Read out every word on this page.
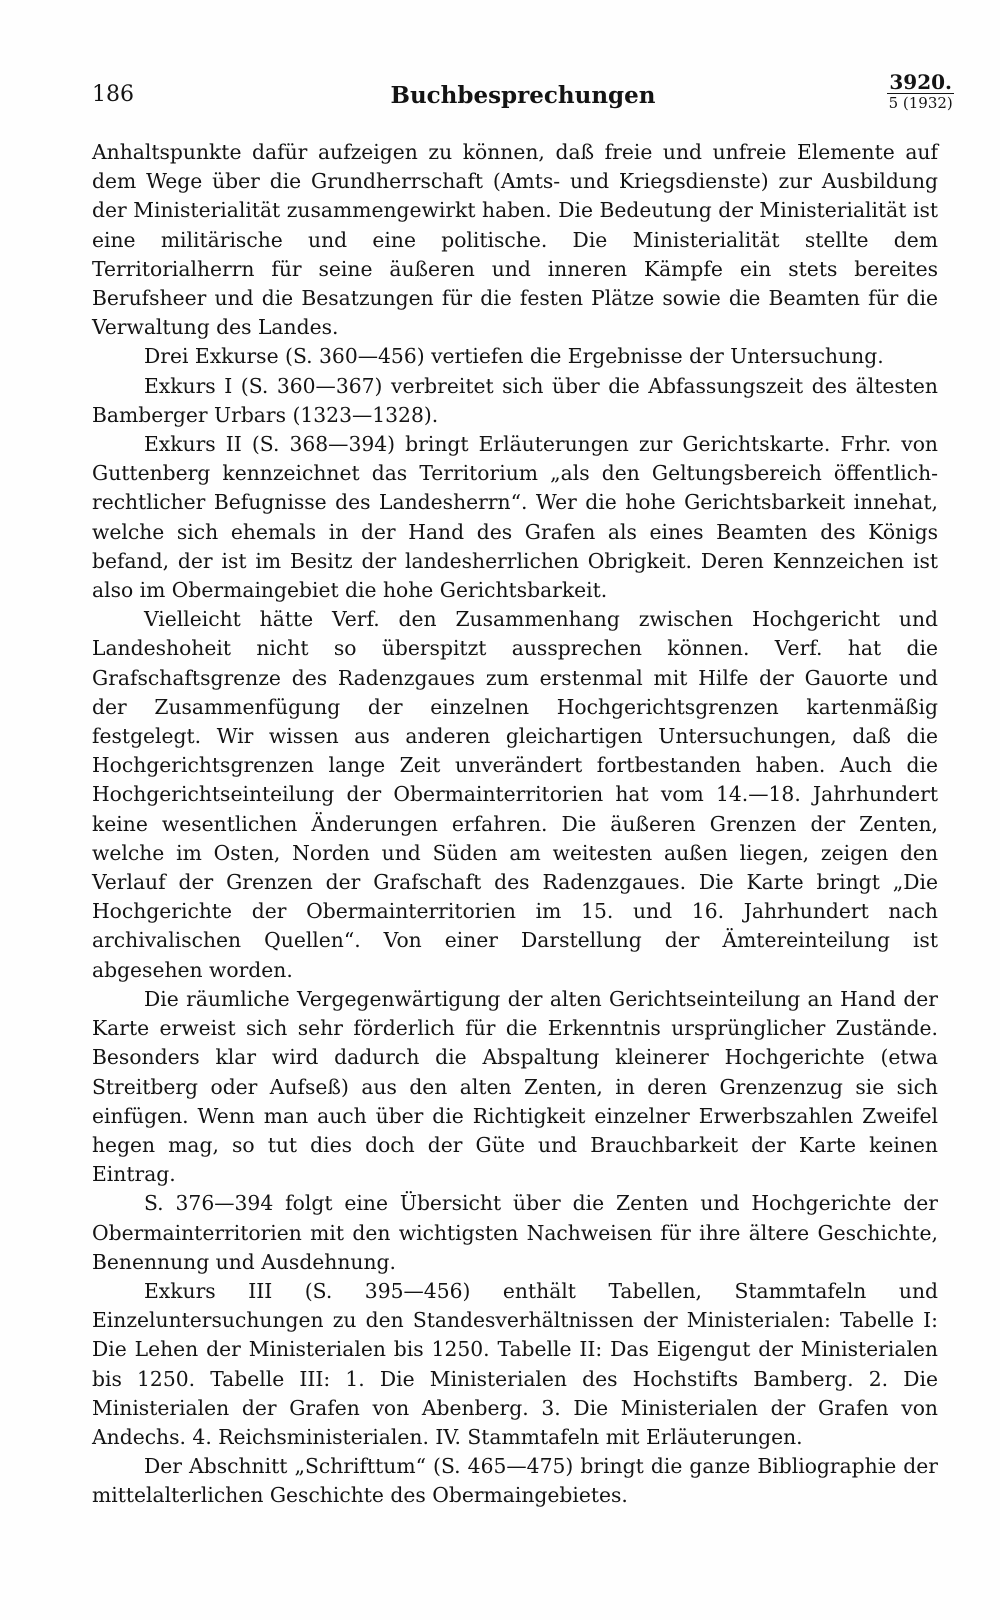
186	Buchbesprechungen	3920.
5 (1932)

Anhaltspunkte dafür aufzeigen zu können, daß freie und unfreie Elemente auf dem Wege über die Grundherrschaft (Amts- und Kriegsdienste) zur Ausbildung der Ministerialität zusammengewirkt haben. Die Bedeutung der Ministerialität ist eine militärische und eine politische. Die Ministerialität stellte dem Territorialherrn für seine äußeren und inneren Kämpfe ein stets bereites Berufsheer und die Besatzungen für die festen Plätze sowie die Beamten für die Verwaltung des Landes.

Drei Exkurse (S. 360—456) vertiefen die Ergebnisse der Untersuchung.

Exkurs I (S. 360—367) verbreitet sich über die Abfassungszeit des ältesten Bamberger Urbars (1323—1328).

Exkurs II (S. 368—394) bringt Erläuterungen zur Gerichtskarte. Frhr. von Guttenberg kennzeichnet das Territorium „als den Geltungsbereich öffentlich-rechtlicher Befugnisse des Landesherrn“. Wer die hohe Gerichtsbarkeit innehat, welche sich ehemals in der Hand des Grafen als eines Beamten des Königs befand, der ist im Besitz der landesherrlichen Obrigkeit. Deren Kennzeichen ist also im Obermaingebiet die hohe Gerichtsbarkeit.

Vielleicht hätte Verf. den Zusammenhang zwischen Hochgericht und Landeshoheit nicht so überspitzt aussprechen können. Verf. hat die Grafschaftsgrenze des Radenzgaues zum erstenmal mit Hilfe der Gauorte und der Zusammenfügung der einzelnen Hochgerichtsgrenzen kartenmäßig festgelegt. Wir wissen aus anderen gleichartigen Untersuchungen, daß die Hochgerichtsgrenzen lange Zeit unverändert fortbestanden haben. Auch die Hochgerichtseinteilung der Obermainterritorien hat vom 14.—18. Jahrhundert keine wesentlichen Änderungen erfahren. Die äußeren Grenzen der Zenten, welche im Osten, Norden und Süden am weitesten außen liegen, zeigen den Verlauf der Grenzen der Grafschaft des Radenzgaues. Die Karte bringt „Die Hochgerichte der Obermainterritorien im 15. und 16. Jahrhundert nach archivalischen Quellen“. Von einer Darstellung der Ämtereinteilung ist abgesehen worden.

Die räumliche Vergegenwärtigung der alten Gerichtseinteilung an Hand der Karte erweist sich sehr förderlich für die Erkenntnis ursprünglicher Zustände. Besonders klar wird dadurch die Abspaltung kleinerer Hochgerichte (etwa Streitberg oder Aufseß) aus den alten Zenten, in deren Grenzenzug sie sich einfügen. Wenn man auch über die Richtigkeit einzelner Erwerbszahlen Zweifel hegen mag, so tut dies doch der Güte und Brauchbarkeit der Karte keinen Eintrag.

S. 376—394 folgt eine Übersicht über die Zenten und Hochgerichte der Obermainterritorien mit den wichtigsten Nachweisen für ihre ältere Geschichte, Benennung und Ausdehnung.

Exkurs III (S. 395—456) enthält Tabellen, Stammtafeln und Einzeluntersuchungen zu den Standesverhältnissen der Ministerialen: Tabelle I: Die Lehen der Ministerialen bis 1250. Tabelle II: Das Eigengut der Ministerialen bis 1250. Tabelle III: 1. Die Ministerialen des Hochstifts Bamberg. 2. Die Ministerialen der Grafen von Abenberg. 3. Die Ministerialen der Grafen von Andechs. 4. Reichsministerialen. IV. Stammtafeln mit Erläuterungen.

Der Abschnitt „Schrifttum“ (S. 465—475) bringt die ganze Bibliographie der mittelalterlichen Geschichte des Obermaingebietes.
